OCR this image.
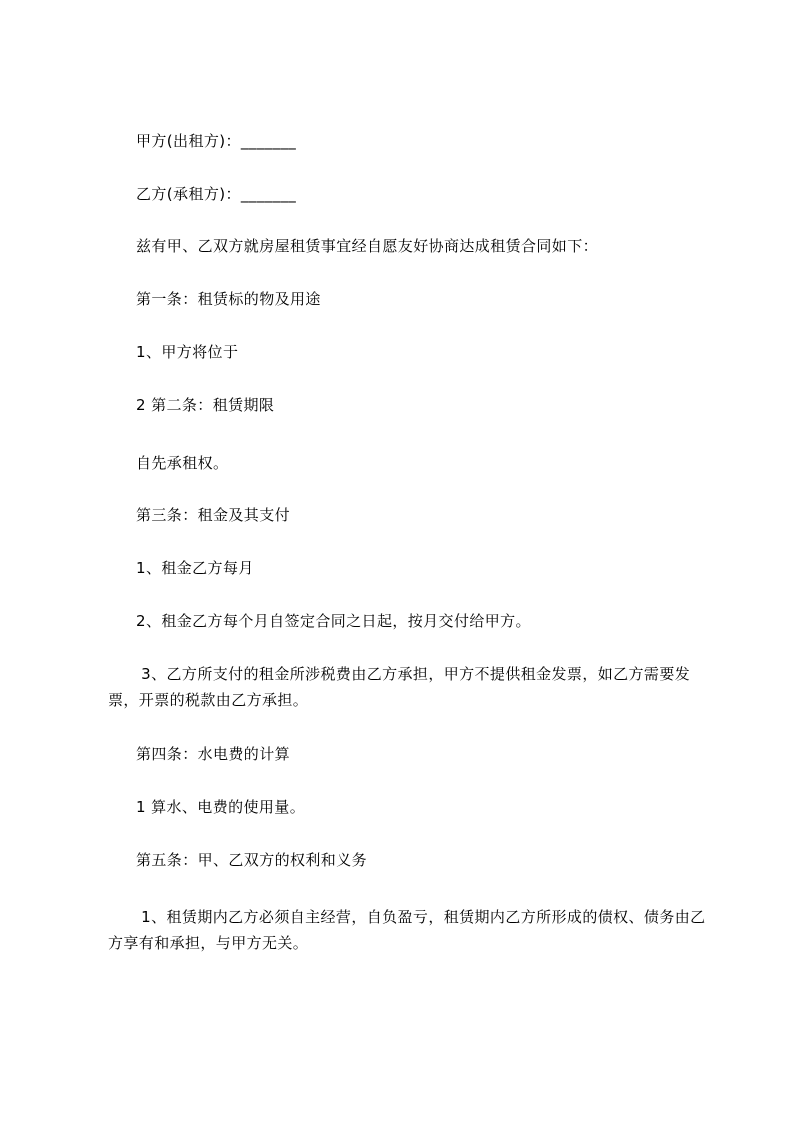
甲方(出租方)：_______

乙方(承租方)：_______

兹有甲、乙双方就房屋租赁事宜经自愿友好协商达成租赁合同如下：

第一条：租赁标的物及用途

1、甲方将位于

2 第二条：租赁期限

自先承租权。

第三条：租金及其支付

1、租金乙方每月

2、租金乙方每个月自签定合同之日起，按月交付给甲方。

3、乙方所支付的租金所涉税费由乙方承担，甲方不提供租金发票，如乙方需要发票，开票的税款由乙方承担。

第四条：水电费的计算

1 算水、电费的使用量。

第五条：甲、乙双方的权利和义务

1、租赁期内乙方必须自主经营，自负盈亏，租赁期内乙方所形成的债权、债务由乙方享有和承担，与甲方无关。
